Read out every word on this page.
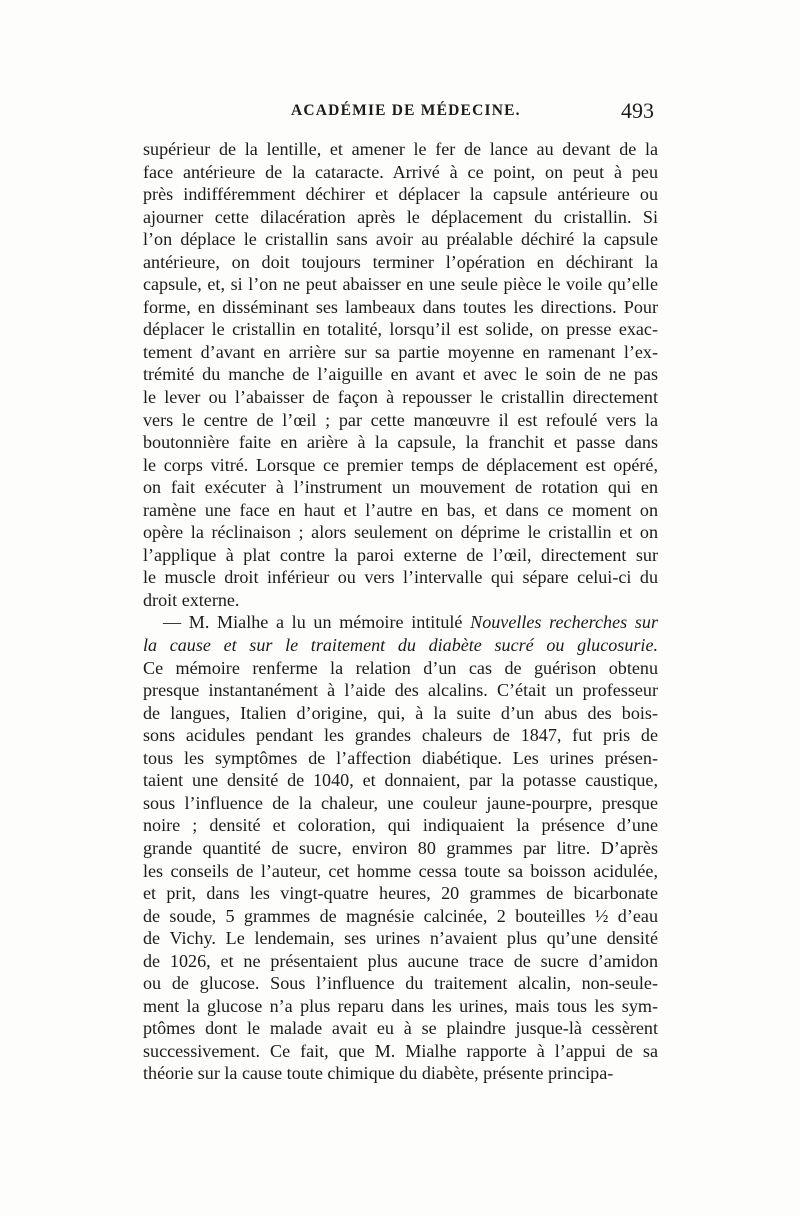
ACADÉMIE DE MÉDECINE.	493
supérieur de la lentille, et amener le fer de lance au devant de la
face antérieure de la cataracte. Arrivé à ce point, on peut à peu
près indifféremment déchirer et déplacer la capsule antérieure ou
ajourner cette dilacération après le déplacement du cristallin. Si
l’on déplace le cristallin sans avoir au préalable déchiré la capsule
antérieure, on doit toujours terminer l’opération en déchirant la
capsule, et, si l’on ne peut abaisser en une seule pièce le voile qu’elle
forme, en disséminant ses lambeaux dans toutes les directions. Pour
déplacer le cristallin en totalité, lorsqu’il est solide, on presse exac-
tement d’avant en arrière sur sa partie moyenne en ramenant l’ex-
trémité du manche de l’aiguille en avant et avec le soin de ne pas
le lever ou l’abaisser de façon à repousser le cristallin directement
vers le centre de l’œil ; par cette manœuvre il est refoulé vers la
boutonnière faite en arière à la capsule, la franchit et passe dans
le corps vitré. Lorsque ce premier temps de déplacement est opéré,
on fait exécuter à l’instrument un mouvement de rotation qui en
ramène une face en haut et l’autre en bas, et dans ce moment on
opère la réclinaison ; alors seulement on déprime le cristallin et on
l’applique à plat contre la paroi externe de l’œil, directement sur
le muscle droit inférieur ou vers l’intervalle qui sépare celui-ci du
droit externe.
— M. Mialhe a lu un mémoire intitulé Nouvelles recherches sur
la cause et sur le traitement du diabète sucré ou glucosurie.
Ce mémoire renferme la relation d’un cas de guérison obtenu
presque instantanément à l’aide des alcalins. C’était un professeur
de langues, Italien d’origine, qui, à la suite d’un abus des bois-
sons acidules pendant les grandes chaleurs de 1847, fut pris de
tous les symptômes de l’affection diabétique. Les urines présen-
taient une densité de 1040, et donnaient, par la potasse caustique,
sous l’influence de la chaleur, une couleur jaune-pourpre, presque
noire ; densité et coloration, qui indiquaient la présence d’une
grande quantité de sucre, environ 80 grammes par litre. D’après
les conseils de l’auteur, cet homme cessa toute sa boisson acidulée,
et prit, dans les vingt-quatre heures, 20 grammes de bicarbonate
de soude, 5 grammes de magnésie calcinée, 2 bouteilles ½ d’eau
de Vichy. Le lendemain, ses urines n’avaient plus qu’une densité
de 1026, et ne présentaient plus aucune trace de sucre d’amidon
ou de glucose. Sous l’influence du traitement alcalin, non-seule-
ment la glucose n’a plus reparu dans les urines, mais tous les sym-
ptômes dont le malade avait eu à se plaindre jusque-là cessèrent
successivement. Ce fait, que M. Mialhe rapporte à l’appui de sa
théorie sur la cause toute chimique du diabète, présente principa-
